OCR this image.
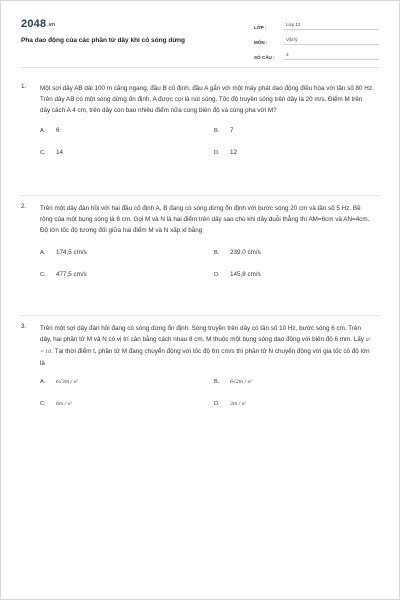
$2048^{.vn}$
Pha dao động của các phần tử dây khi có sóng dừng
LỚP :
Lớp 12
MÔN :
Vật lý
SỐ CÂU :
3
1. Một sợi dây AB dài 100 m căng ngang, đầu B cố định, đầu A gắn với một máy phát dao động điều hòa với tần số 80 Hz. Trên dây AB có một sóng dừng ổn định, A được coi là nút sóng. Tốc độ truyền sóng trên dây là 20 m/s. Điểm M trên dây cách A 4 cm, trên dây còn bao nhiêu điểm nữa cùng biên độ và cùng pha với M?
A.	6	B.	7
C.	14	D.	12
2. Trên một dây đàn hồi với hai đầu cố định A, B đang có sóng dừng ổn định với bước sóng 20 cm và tần số 5 Hz. Bề rộng của một bụng sóng là 8 cm. Gọi M và N là hai điểm trên dây sao cho khi dây duỗi thẳng thì AM=6cm và AN=4cm. Độ lớn tốc độ tương đối giữa hai điểm M và N xấp xỉ bằng
A.	174,5 cm/s	B.	239,0 cm/s
C.	477,5 cm/s	D.	145,8 cm/s
3. Trên một sợi dây đàn hồi đang có sóng dừng ổn định. Sóng truyền trên dây có tần số 10 Hz, bước sóng 6 cm. Trên dây, hai phần tử M và N có vị trí cân bằng cách nhau 8 cm, M thuộc một bụng sóng dao động với biên độ 6 mm. Lấy π² = 10. Tại thời điểm t, phần tử M đang chuyển động với tốc độ 6π cm/s thì phần tử N chuyển động với gia tốc có độ lớn là
A.	6√3m / s²	B.	6√2m / s²
C.	6m / s²	D.	3m / s²
